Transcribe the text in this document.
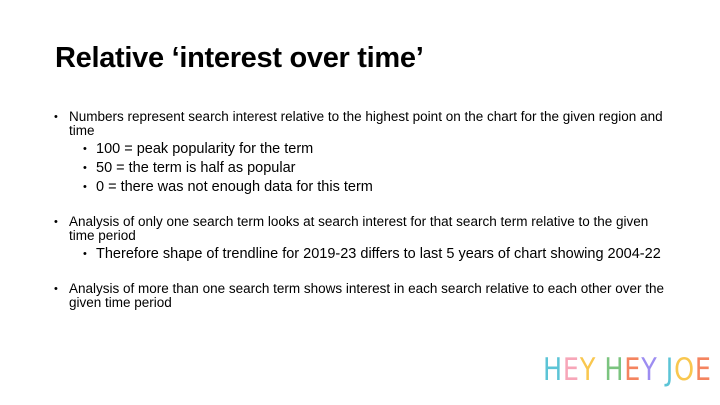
Relative ‘interest over time’
• Numbers represent search interest relative to the highest point on the chart for the given region and time
• 100 = peak popularity for the term
• 50 = the term is half as popular
• 0 = there was not enough data for this term
• Analysis of only one search term looks at search interest for that search term relative to the given time period
• Therefore shape of trendline for 2019-23 differs to last 5 years of chart showing 2004-22
• Analysis of more than one search term shows interest in each search relative to each other over the given time period
HEY HEY JOE
